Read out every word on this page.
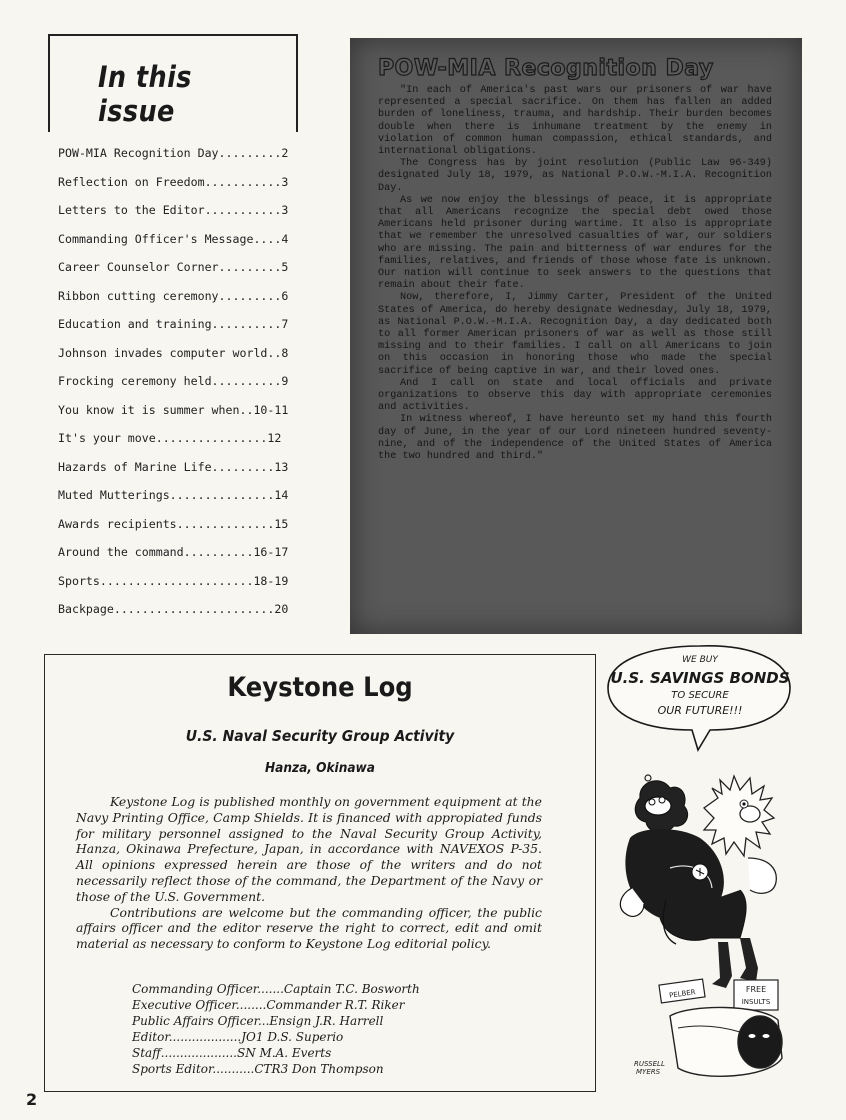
In this issue
POW-MIA Recognition Day.........2
Reflection on Freedom...........3
Letters to the Editor...........3
Commanding Officer's Message....4
Career Counselor Corner.........5
Ribbon cutting ceremony.........6
Education and training..........7
Johnson invades computer world..8
Frocking ceremony held..........9
You know it is summer when..10-11
It's your move................12
Hazards of Marine Life.........13
Muted Mutterings...............14
Awards recipients..............15
Around the command..........16-17
Sports......................18-19
Backpage.......................20
POW-MIA Recognition Day

"In each of America's past wars our prisoners of war have represented a special sacrifice. On them has fallen an added burden of loneliness, trauma, and hardship. Their burden becomes double when there is inhumane treatment by the enemy in violation of common human compassion, ethical standards, and international obligations.

The Congress has by joint resolution (Public Law 96-349) designated July 18, 1979, as National P.O.W.-M.I.A. Recognition Day.

As we now enjoy the blessings of peace, it is appropriate that all Americans recognize the special debt owed those Americans held prisoner during wartime. It also is appropriate that we remember the unresolved casualties of war, our soldiers who are missing. The pain and bitterness of war endures for the families, relatives, and friends of those whose fate is unknown. Our nation will continue to seek answers to the questions that remain about their fate.

Now, therefore, I, Jimmy Carter, President of the United States of America, do hereby designate Wednesday, July 18, 1979, as National P.O.W.-M.I.A. Recognition Day, a day dedicated both to all former American prisoners of war as well as those still missing and to their families. I call on all Americans to join on this occasion in honoring those who made the special sacrifice of being captive in war, and their loved ones.

And I call on state and local officials and private organizations to observe this day with appropriate ceremonies and activities.

In witness whereof, I have hereunto set my hand this fourth day of June, in the year of our Lord nineteen hundred seventy-nine, and of the independence of the United States of America the two hundred and third."

Keystone Log
U.S. Naval Security Group Activity
Hanza, Okinawa

Keystone Log is published monthly on government equipment at the Navy Printing Office, Camp Shields. It is financed with appropiated funds for military personnel assigned to the Naval Security Group Activity, Hanza, Okinawa Prefecture, Japan, in accordance with NAVEXOS P-35. All opinions expressed herein are those of the writers and do not necessarily reflect those of the command, the Department of the Navy or those of the U.S. Government.

Contributions are welcome but the commanding officer, the public affairs officer and the editor reserve the right to correct, edit and omit material as necessary to conform to Keystone Log editorial policy.

Commanding Officer.......Captain T.C. Bosworth
Executive Officer........Commander R.T. Riker
Public Affairs Officer...Ensign J.R. Harrell
Editor...................JO1 D.S. Superio
Staff....................SN M.A. Everts
Sports Editor...........CTR3 Don Thompson
2
WE BUY
U.S. SAVINGS BONDS
TO SECURE
OUR FUTURE!!!
PELBER	FREE
INSULTS
RUSSELL
MYERS
